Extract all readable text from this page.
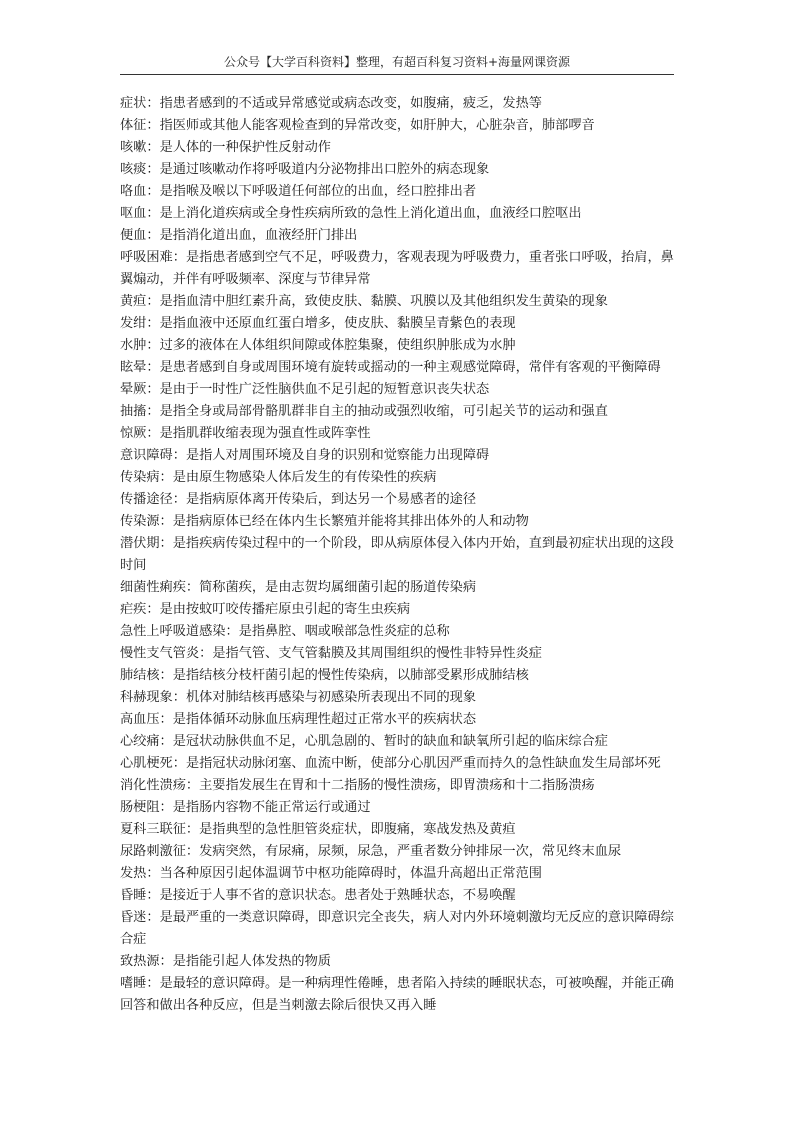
公众号【大学百科资料】整理，有超百科复习资料+海量网课资源

症状：指患者感到的不适或异常感觉或病态改变，如腹痛，疲乏，发热等

体征：指医师或其他人能客观检查到的异常改变，如肝肿大，心脏杂音，肺部啰音

咳嗽：是人体的一种保护性反射动作

咳痰：是通过咳嗽动作将呼吸道内分泌物排出口腔外的病态现象

咯血：是指喉及喉以下呼吸道任何部位的出血，经口腔排出者

呕血：是上消化道疾病或全身性疾病所致的急性上消化道出血，血液经口腔呕出

便血：是指消化道出血，血液经肝门排出

呼吸困难：是指患者感到空气不足，呼吸费力，客观表现为呼吸费力，重者张口呼吸，抬肩，鼻翼煽动，并伴有呼吸频率、深度与节律异常

黄疸：是指血清中胆红素升高，致使皮肤、黏膜、巩膜以及其他组织发生黄染的现象

发绀：是指血液中还原血红蛋白增多，使皮肤、黏膜呈青紫色的表现

水肿：过多的液体在人体组织间隙或体腔集聚，使组织肿胀成为水肿

眩晕：是患者感到自身或周围环境有旋转或摇动的一种主观感觉障碍，常伴有客观的平衡障碍

晕厥：是由于一时性广泛性脑供血不足引起的短暂意识丧失状态

抽搐：是指全身或局部骨骼肌群非自主的抽动或强烈收缩，可引起关节的运动和强直

惊厥：是指肌群收缩表现为强直性或阵挛性

意识障碍：是指人对周围环境及自身的识别和觉察能力出现障碍

传染病：是由原生物感染人体后发生的有传染性的疾病

传播途径：是指病原体离开传染后，到达另一个易感者的途径

传染源：是指病原体已经在体内生长繁殖并能将其排出体外的人和动物

潜伏期：是指疾病传染过程中的一个阶段，即从病原体侵入体内开始，直到最初症状出现的这段时间

细菌性痢疾：简称菌疾，是由志贺均属细菌引起的肠道传染病

疟疾：是由按蚊叮咬传播疟原虫引起的寄生虫疾病

急性上呼吸道感染：是指鼻腔、咽或喉部急性炎症的总称

慢性支气管炎：是指气管、支气管黏膜及其周围组织的慢性非特异性炎症

肺结核：是指结核分枝杆菌引起的慢性传染病，以肺部受累形成肺结核

科赫现象：机体对肺结核再感染与初感染所表现出不同的现象

高血压：是指体循环动脉血压病理性超过正常水平的疾病状态

心绞痛：是冠状动脉供血不足，心肌急剧的、暂时的缺血和缺氧所引起的临床综合症

心肌梗死：是指冠状动脉闭塞、血流中断，使部分心肌因严重而持久的急性缺血发生局部坏死

消化性溃疡：主要指发展生在胃和十二指肠的慢性溃疡，即胃溃疡和十二指肠溃疡

肠梗阻：是指肠内容物不能正常运行或通过

夏科三联征：是指典型的急性胆管炎症状，即腹痛，寒战发热及黄疸

尿路刺激征：发病突然，有尿痛，尿频，尿急，严重者数分钟排尿一次，常见终末血尿

发热：当各种原因引起体温调节中枢功能障碍时，体温升高超出正常范围

昏睡：是接近于人事不省的意识状态。患者处于熟睡状态，不易唤醒

昏迷：是最严重的一类意识障碍，即意识完全丧失，病人对内外环境刺激均无反应的意识障碍综合症

致热源：是指能引起人体发热的物质

嗜睡：是最轻的意识障碍。是一种病理性倦睡，患者陷入持续的睡眠状态，可被唤醒，并能正确回答和做出各种反应，但是当刺激去除后很快又再入睡
